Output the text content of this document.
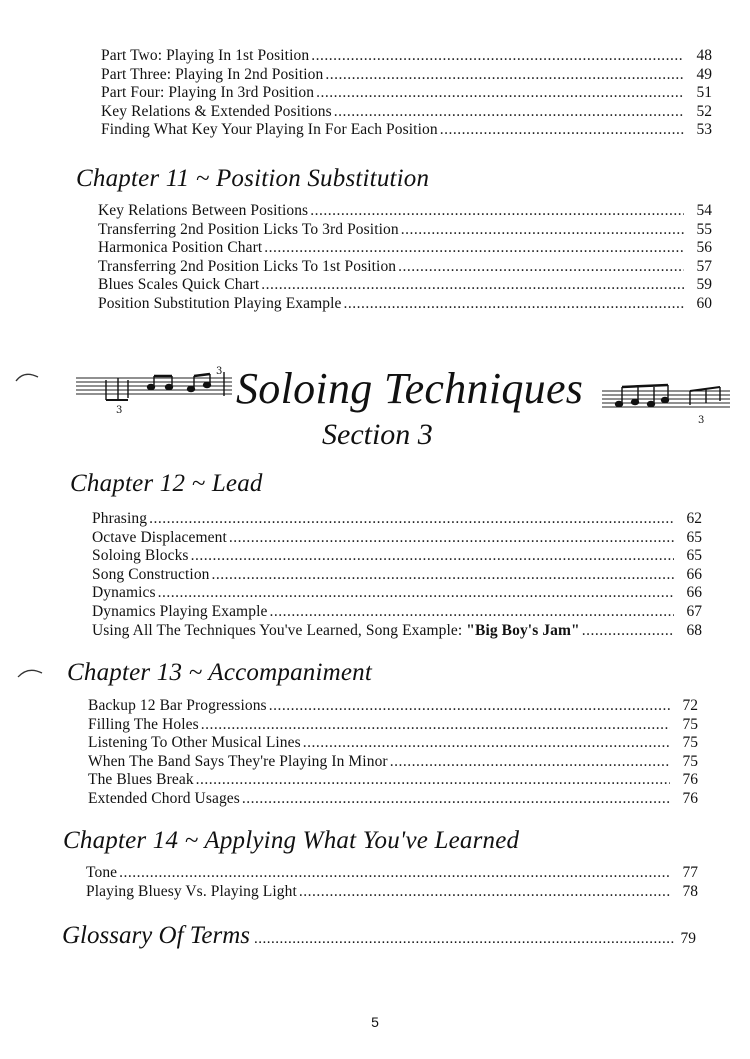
Part Two: Playing In 1st Position .....	48
Part Three: Playing In 2nd Position .....	49
Part Four: Playing In 3rd Position .....	51
Key Relations & Extended Positions .....	52
Finding What Key Your Playing In For Each Position .....	53
Chapter 11 ~ Position Substitution
Key Relations Between Positions .....	54
Transferring 2nd Position Licks To 3rd Position .....	55
Harmonica Position Chart .....	56
Transferring 2nd Position Licks To 1st Position .....	57
Blues Scales Quick Chart .....	59
Position Substitution Playing Example .....	60
3
3 Soloing Techniques
3
Section 3
Chapter 12 ~ Lead
Phrasing .....	62
Octave Displacement .....	65
Soloing Blocks .....	65
Song Construction .....	66
Dynamics .....	66
Dynamics Playing Example .....	67
Using All The Techniques You've Learned, Song Example: "Big Boy's Jam" .....	68
Chapter 13 ~ Accompaniment
Backup 12 Bar Progressions .....	72
Filling The Holes .....	75
Listening To Other Musical Lines .....	75
When The Band Says They're Playing In Minor .....	75
The Blues Break .....	76
Extended Chord Usages .....	76
Chapter 14 ~ Applying What You've Learned
Tone .....	77
Playing Bluesy Vs. Playing Light .....	78
Glossary Of Terms .....	79
5
